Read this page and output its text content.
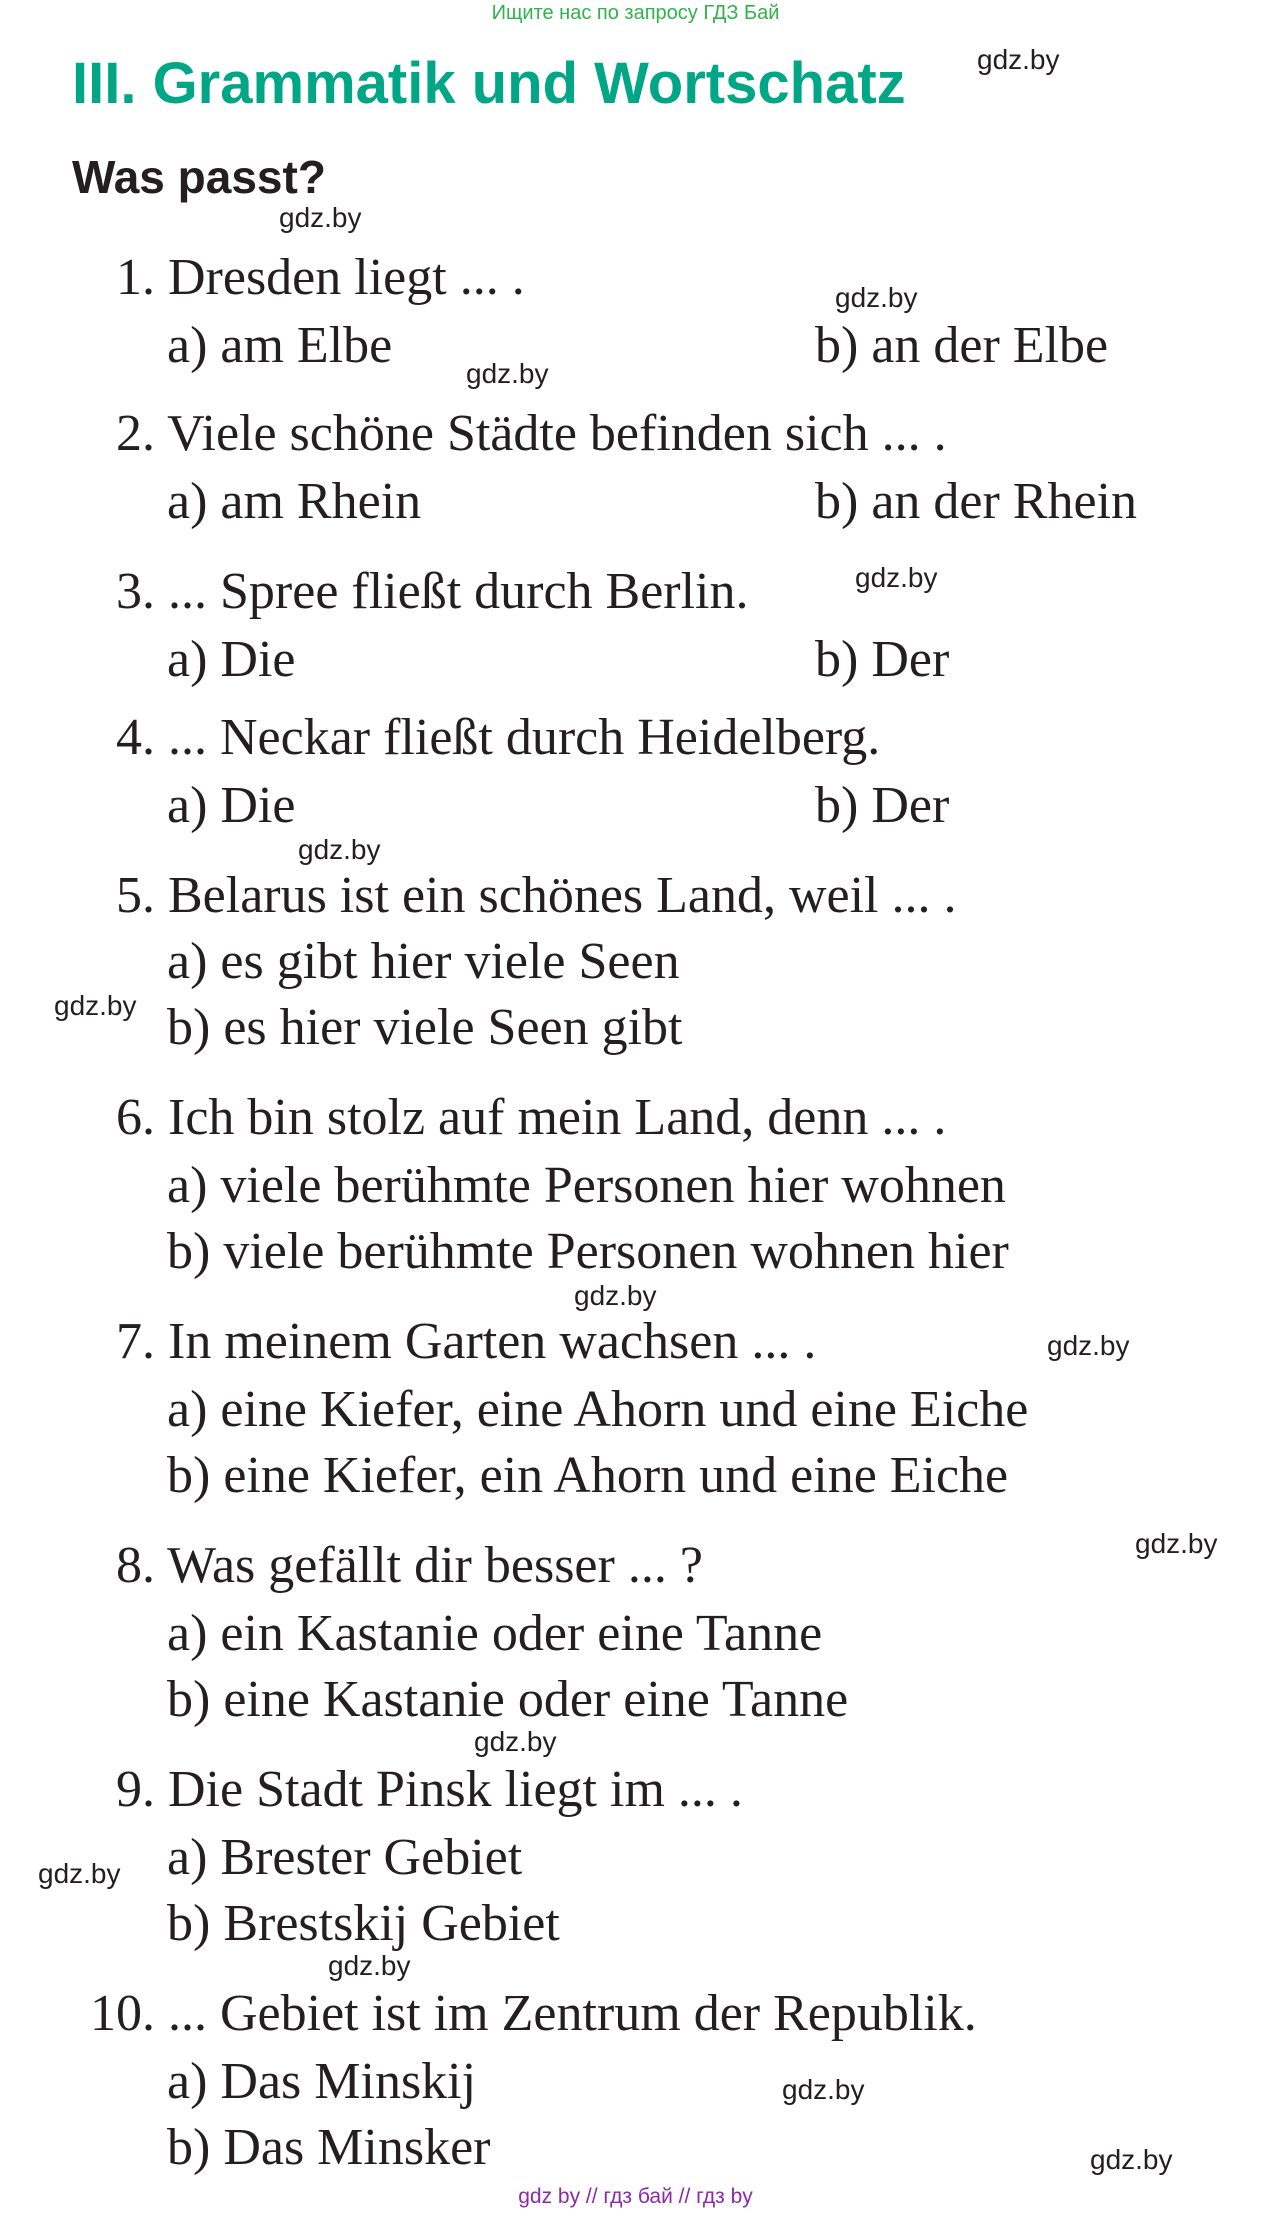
Ищите нас по запросу ГДЗ Бай
III. Grammatik und Wortschatz
Was passt?
1. Dresden liegt ... .
a) am Elbe	b) an der Elbe
2. Viele schöne Städte befinden sich ... .
a) am Rhein	b) an der Rhein
3. ... Spree fließt durch Berlin.
a) Die	b) Der
4. ... Neckar fließt durch Heidelberg.
a) Die	b) Der
5. Belarus ist ein schönes Land, weil ... .
a) es gibt hier viele Seen
b) es hier viele Seen gibt
6. Ich bin stolz auf mein Land, denn ... .
a) viele berühmte Personen hier wohnen
b) viele berühmte Personen wohnen hier
7. In meinem Garten wachsen ... .
a) eine Kiefer, eine Ahorn und eine Eiche
b) eine Kiefer, ein Ahorn und eine Eiche
8. Was gefällt dir besser ... ?
a) ein Kastanie oder eine Tanne
b) eine Kastanie oder eine Tanne
9. Die Stadt Pinsk liegt im ... .
a) Brester Gebiet
b) Brestskij Gebiet
10. ... Gebiet ist im Zentrum der Republik.
a) Das Minskij
b) Das Minsker
gdz.by
gdz.by
gdz.by
gdz.by
gdz.by
gdz.by
gdz.by
gdz.by
gdz.by
gdz.by
gdz.by
gdz.by
gdz.by
gdz.by
gdz.by
gdz by // гдз бай // гдз by
